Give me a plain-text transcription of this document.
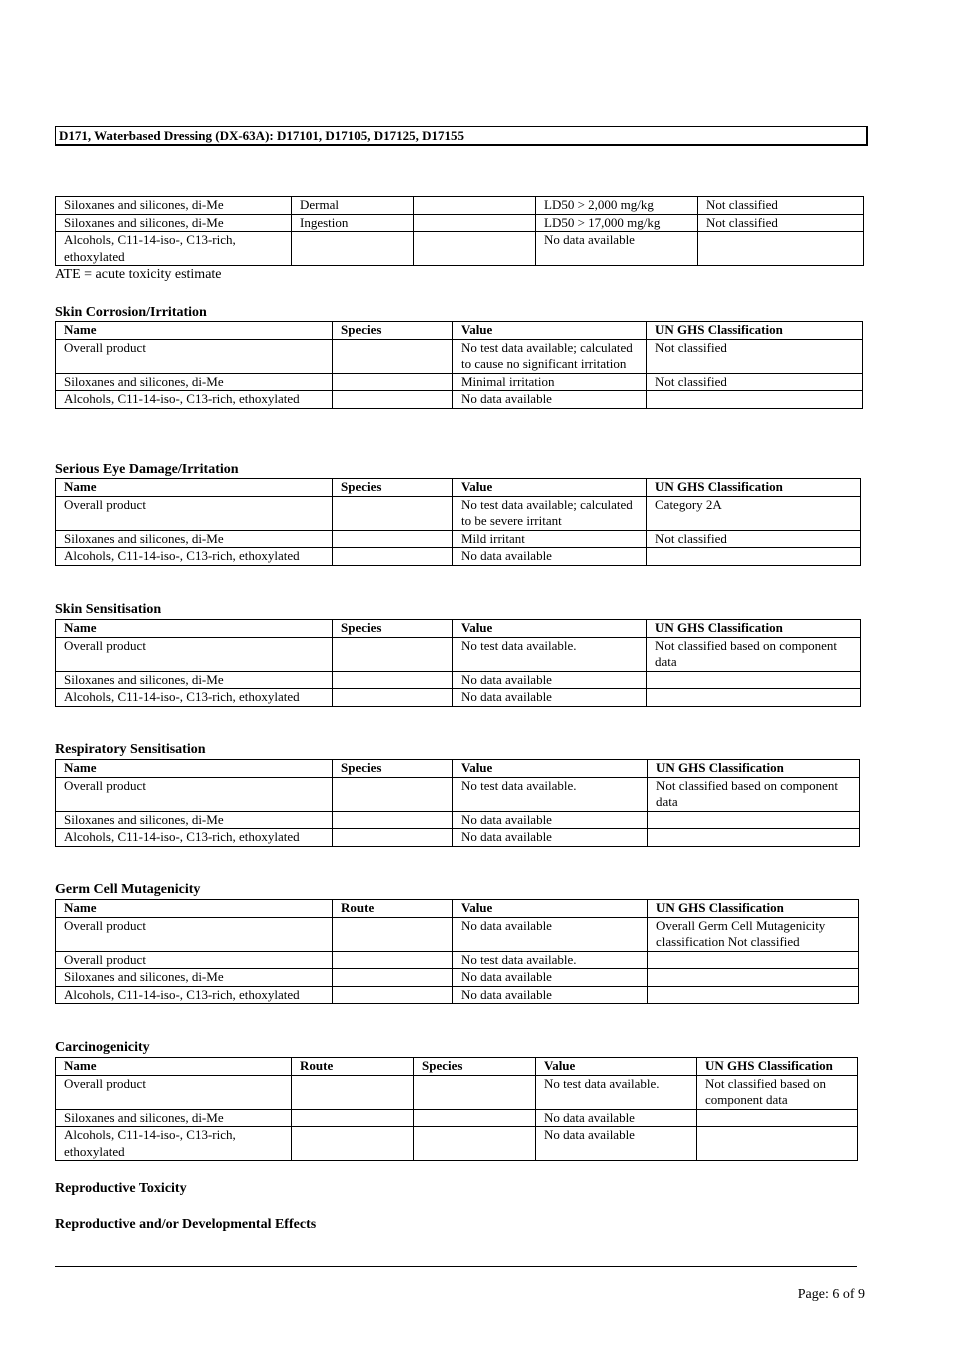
D171, Waterbased Dressing (DX-63A): D17101, D17105, D17125, D17155
Siloxanes and silicones, di-Me	Dermal		LD50 > 2,000 mg/kg	Not classified
Siloxanes and silicones, di-Me	Ingestion		LD50 > 17,000 mg/kg	Not classified
Alcohols, C11-14-iso-, C13-rich, ethoxylated			No data available	
ATE = acute toxicity estimate
Skin Corrosion/Irritation
Name	Species	Value	UN GHS Classification
Overall product		No test data available; calculated to cause no significant irritation	Not classified
Siloxanes and silicones, di-Me		Minimal irritation	Not classified
Alcohols, C11-14-iso-, C13-rich, ethoxylated		No data available	
Serious Eye Damage/Irritation
Name	Species	Value	UN GHS Classification
Overall product		No test data available; calculated to be severe irritant	Category 2A
Siloxanes and silicones, di-Me		Mild irritant	Not classified
Alcohols, C11-14-iso-, C13-rich, ethoxylated		No data available	
Skin Sensitisation
Name	Species	Value	UN GHS Classification
Overall product		No test data available.	Not classified based on component data
Siloxanes and silicones, di-Me		No data available	
Alcohols, C11-14-iso-, C13-rich, ethoxylated		No data available	
Respiratory Sensitisation
Name	Species	Value	UN GHS Classification
Overall product		No test data available.	Not classified based on component data
Siloxanes and silicones, di-Me		No data available	
Alcohols, C11-14-iso-, C13-rich, ethoxylated		No data available	
Germ Cell Mutagenicity
Name	Route	Value	UN GHS Classification
Overall product		No data available	Overall Germ Cell Mutagenicity classification Not classified
Overall product		No test data available.	
Siloxanes and silicones, di-Me		No data available	
Alcohols, C11-14-iso-, C13-rich, ethoxylated		No data available	
Carcinogenicity
Name	Route	Species	Value	UN GHS Classification
Overall product			No test data available.	Not classified based on component data
Siloxanes and silicones, di-Me			No data available	
Alcohols, C11-14-iso-, C13-rich, ethoxylated			No data available	
Reproductive Toxicity
Reproductive and/or Developmental Effects
Page: 6 of 9
